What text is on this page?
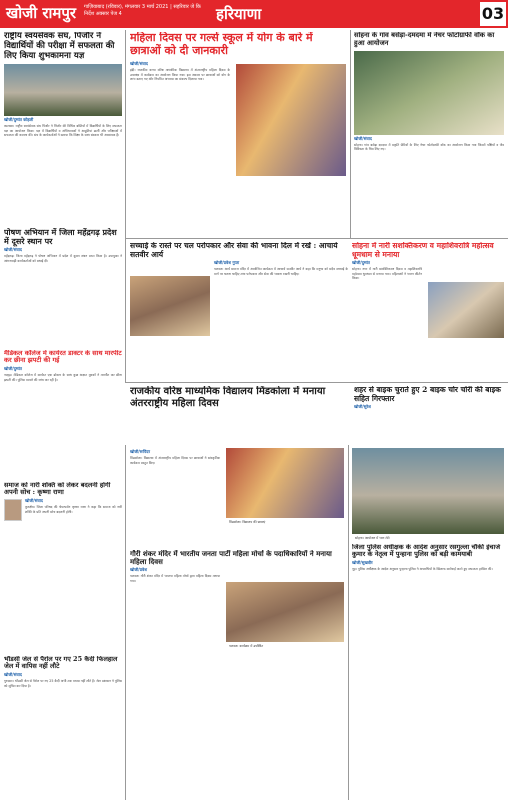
खोजी रामपुर गाज़ियाबाद (रविवार), मंगलवार 3 मार्च 2021 | सहरिवार जे कि निर्देश अक्सार पेज 4	हरियाणा	03
राष्ट्रीय स्वयंसेवक संघ, पिंजौर ने विद्यार्थियों की परीक्षा में सफलता की लिए किया शुभकामना यज्ञ
खोजी/दुष्यंत कोहली
कालका। राष्ट्रीय स्वयंसेवक संघ पिंजौर ने पिंजौर की विभिन्न बस्तियों में विद्यार्थियों के लिए सफलता यज्ञ का आयोजन किया। यज्ञ में विद्यार्थियों व अभिभावकों ने आहुतियां डालीं और परीक्षाओं में सफलता की कामना की। संघ के कार्यकर्ताओं ने बताया कि शिक्षा के साथ संस्कार भी आवश्यक हैं।
पोषण अभियान में जिला महेंद्रगढ़ प्रदेश में दूसरे स्थान पर
खोजी/संवाद
महेंद्रगढ़। जिला महेंद्रगढ़ ने पोषण अभियान में प्रदेश में दूसरा स्थान प्राप्त किया है। उपायुक्त ने आंगनवाड़ी कार्यकर्ताओं को बधाई दी।
मैडिकल कॉलेज में कार्यरत डाक्टर के साथ मारपीट कर छीना झपटी की गई
खोजी/दुष्यंत
नल्हड़। मेडिकल कॉलेज में कार्यरत एक डॉक्टर के साथ कुछ अज्ञात युवकों ने मारपीट कर छीना झपटी की। पुलिस मामले की जांच कर रही है।
समाज को नारी शक्ति को लेकर बदलनी होगी अपनी सोच : कृष्णा राणा
खोजी/संवाद
कुरुक्षेत्र। जिला परिषद की चेयरपर्सन कृष्णा राणा ने कहा कि समाज को नारी शक्ति के प्रति अपनी सोच बदलनी होगी।
भौंडसी जेल से पैरोल पर गए 25 कैदी फिलहाल जेल में वापिस नहीं लौटे
खोजी/संवाद
गुरुग्राम। भौंडसी जेल से पैरोल पर गए 25 कैदी अभी तक वापस नहीं लौटे हैं। जेल प्रशासन ने पुलिस को सूचित कर दिया है।
महिला दिवस पर गर्ल्स स्कूल में योग के बारे में छात्राओं को दी जानकारी
खोजी/संवाद
इंद्री। राजकीय कन्या वरिष्ठ माध्यमिक विद्यालय में अंतरराष्ट्रीय महिला दिवस के उपलक्ष्य में कार्यक्रम का आयोजन किया गया। इस अवसर पर छात्राओं को योग के लाभ बताए गए और नियमित अभ्यास का संकल्प दिलाया गया।
सोहना के गांव बसेड़ा-दमदमा में नेचर फोटोग्राफी वॉक का हुआ आयोजन
खोजी/संवाद
सोहना। गांव बसेड़ा दमदमा में प्रकृति प्रेमियों के लिए नेचर फोटोग्राफी वॉक का आयोजन किया गया जिसमें पक्षियों व जैव विविधता के चित्र लिए गए।
सच्चाई के रास्ते पर चल परोपकार और सेवा की भावना दिल में रखें : आचार्य सतवीर आर्य
खोजी/प्रवेश गुप्ता
पलवल। आर्य समाज मंदिर में आयोजित कार्यक्रम में आचार्य सतवीर आर्य ने कहा कि मनुष्य को सदैव सच्चाई के मार्ग पर चलना चाहिए तथा परोपकार और सेवा की भावना रखनी चाहिए।
सोहना में नारी सशक्तिकरण व महाशिवरात्रि महोत्सव धूमधाम से मनाया
खोजी/दुष्यंत
सोहना। नगर में नारी सशक्तिकरण दिवस व महाशिवरात्रि महोत्सव धूमधाम से मनाया गया। महिलाओं ने भजन कीर्तन किया।
राजकीय वरिष्ठ माध्यमिक विद्यालय मिंडकोला में मनाया अंतरराष्ट्रीय महिला दिवस
शहर से बाइक चुराते हुए 2 बाइक चोर चोरी की बाइक सहित गिरफ्तार
खोजी/सुरेश
खोजी/रूपिंदर
मिंडकोला। विद्यालय में अंतरराष्ट्रीय महिला दिवस पर छात्राओं ने सांस्कृतिक कार्यक्रम प्रस्तुत किए।
मिंडकोला। विद्यालय की छात्राएं
गौरी शंकर मंदिर में भारतीय जनता पार्टी महिला मोर्चा के पदाधिकारियों ने मनाया महिला दिवस
खोजी/प्रवेश
पलवल। गौरी शंकर मंदिर में भाजपा महिला मोर्चा द्वारा महिला दिवस मनाया गया।
पलवल। कार्यक्रम में उपस्थित
सोहना। आयोजन में भाग लेते
जिला पुलिस अधीक्षक के आदेश अनुसार रसगुल्ला चौकी इंचार्ज कुमार के नेतृत्व में पुन्हाना पुलिस को बड़ी कामयाबी
खोजी/सुखवीर
नूह। पुलिस अधीक्षक के आदेश अनुसार पुन्हाना पुलिस ने अपराधियों के खिलाफ कार्रवाई करते हुए सफलता हासिल की।
